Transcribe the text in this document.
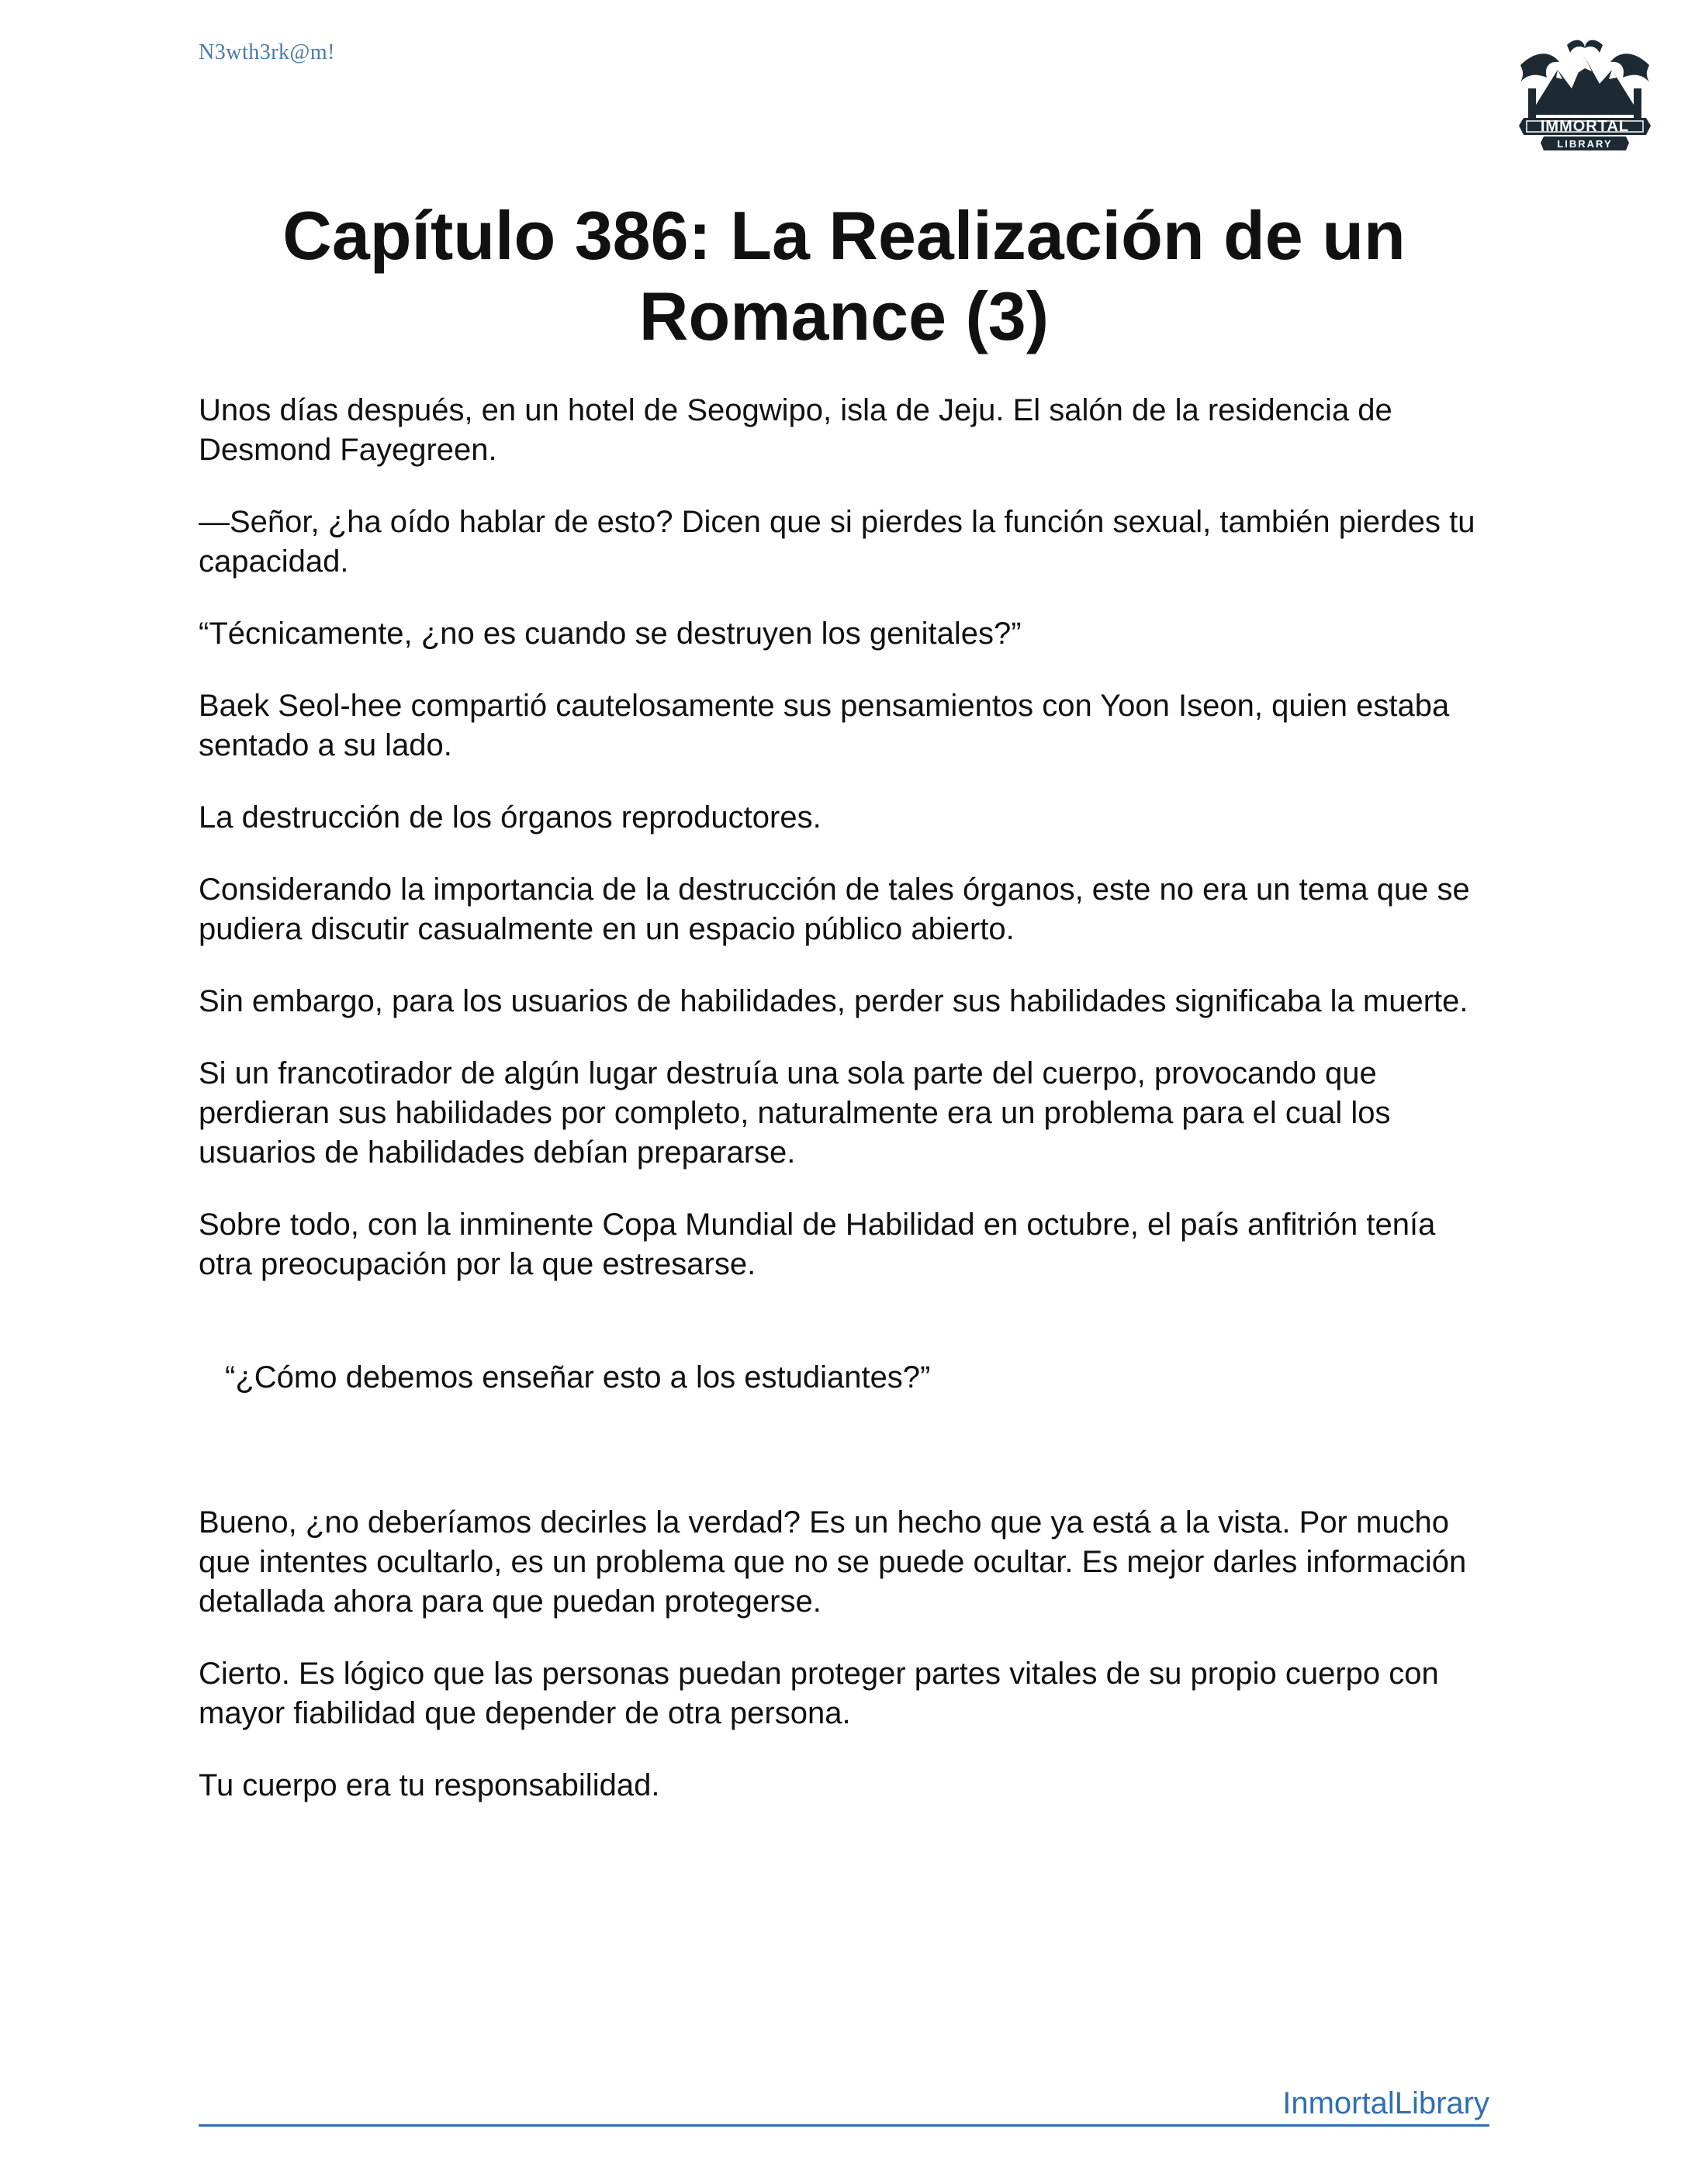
N3wth3rk@m!
IMMORTAL
LIBRARY
Capítulo 386: La Realización de un
Romance (3)

Unos días después, en un hotel de Seogwipo, isla de Jeju. El salón de la residencia de Desmond Fayegreen.

—Señor, ¿ha oído hablar de esto? Dicen que si pierdes la función sexual, también pierdes tu capacidad.

“Técnicamente, ¿no es cuando se destruyen los genitales?”

Baek Seol-hee compartió cautelosamente sus pensamientos con Yoon Iseon, quien estaba sentado a su lado.

La destrucción de los órganos reproductores.

Considerando la importancia de la destrucción de tales órganos, este no era un tema que se pudiera discutir casualmente en un espacio público abierto.

Sin embargo, para los usuarios de habilidades, perder sus habilidades significaba la muerte.

Si un francotirador de algún lugar destruía una sola parte del cuerpo, provocando que perdieran sus habilidades por completo, naturalmente era un problema para el cual los usuarios de habilidades debían prepararse.

Sobre todo, con la inminente Copa Mundial de Habilidad en octubre, el país anfitrión tenía otra preocupación por la que estresarse.

“¿Cómo debemos enseñar esto a los estudiantes?”

Bueno, ¿no deberíamos decirles la verdad? Es un hecho que ya está a la vista. Por mucho que intentes ocultarlo, es un problema que no se puede ocultar. Es mejor darles información detallada ahora para que puedan protegerse.

Cierto. Es lógico que las personas puedan proteger partes vitales de su propio cuerpo con mayor fiabilidad que depender de otra persona.

Tu cuerpo era tu responsabilidad.

InmortalLibrary
